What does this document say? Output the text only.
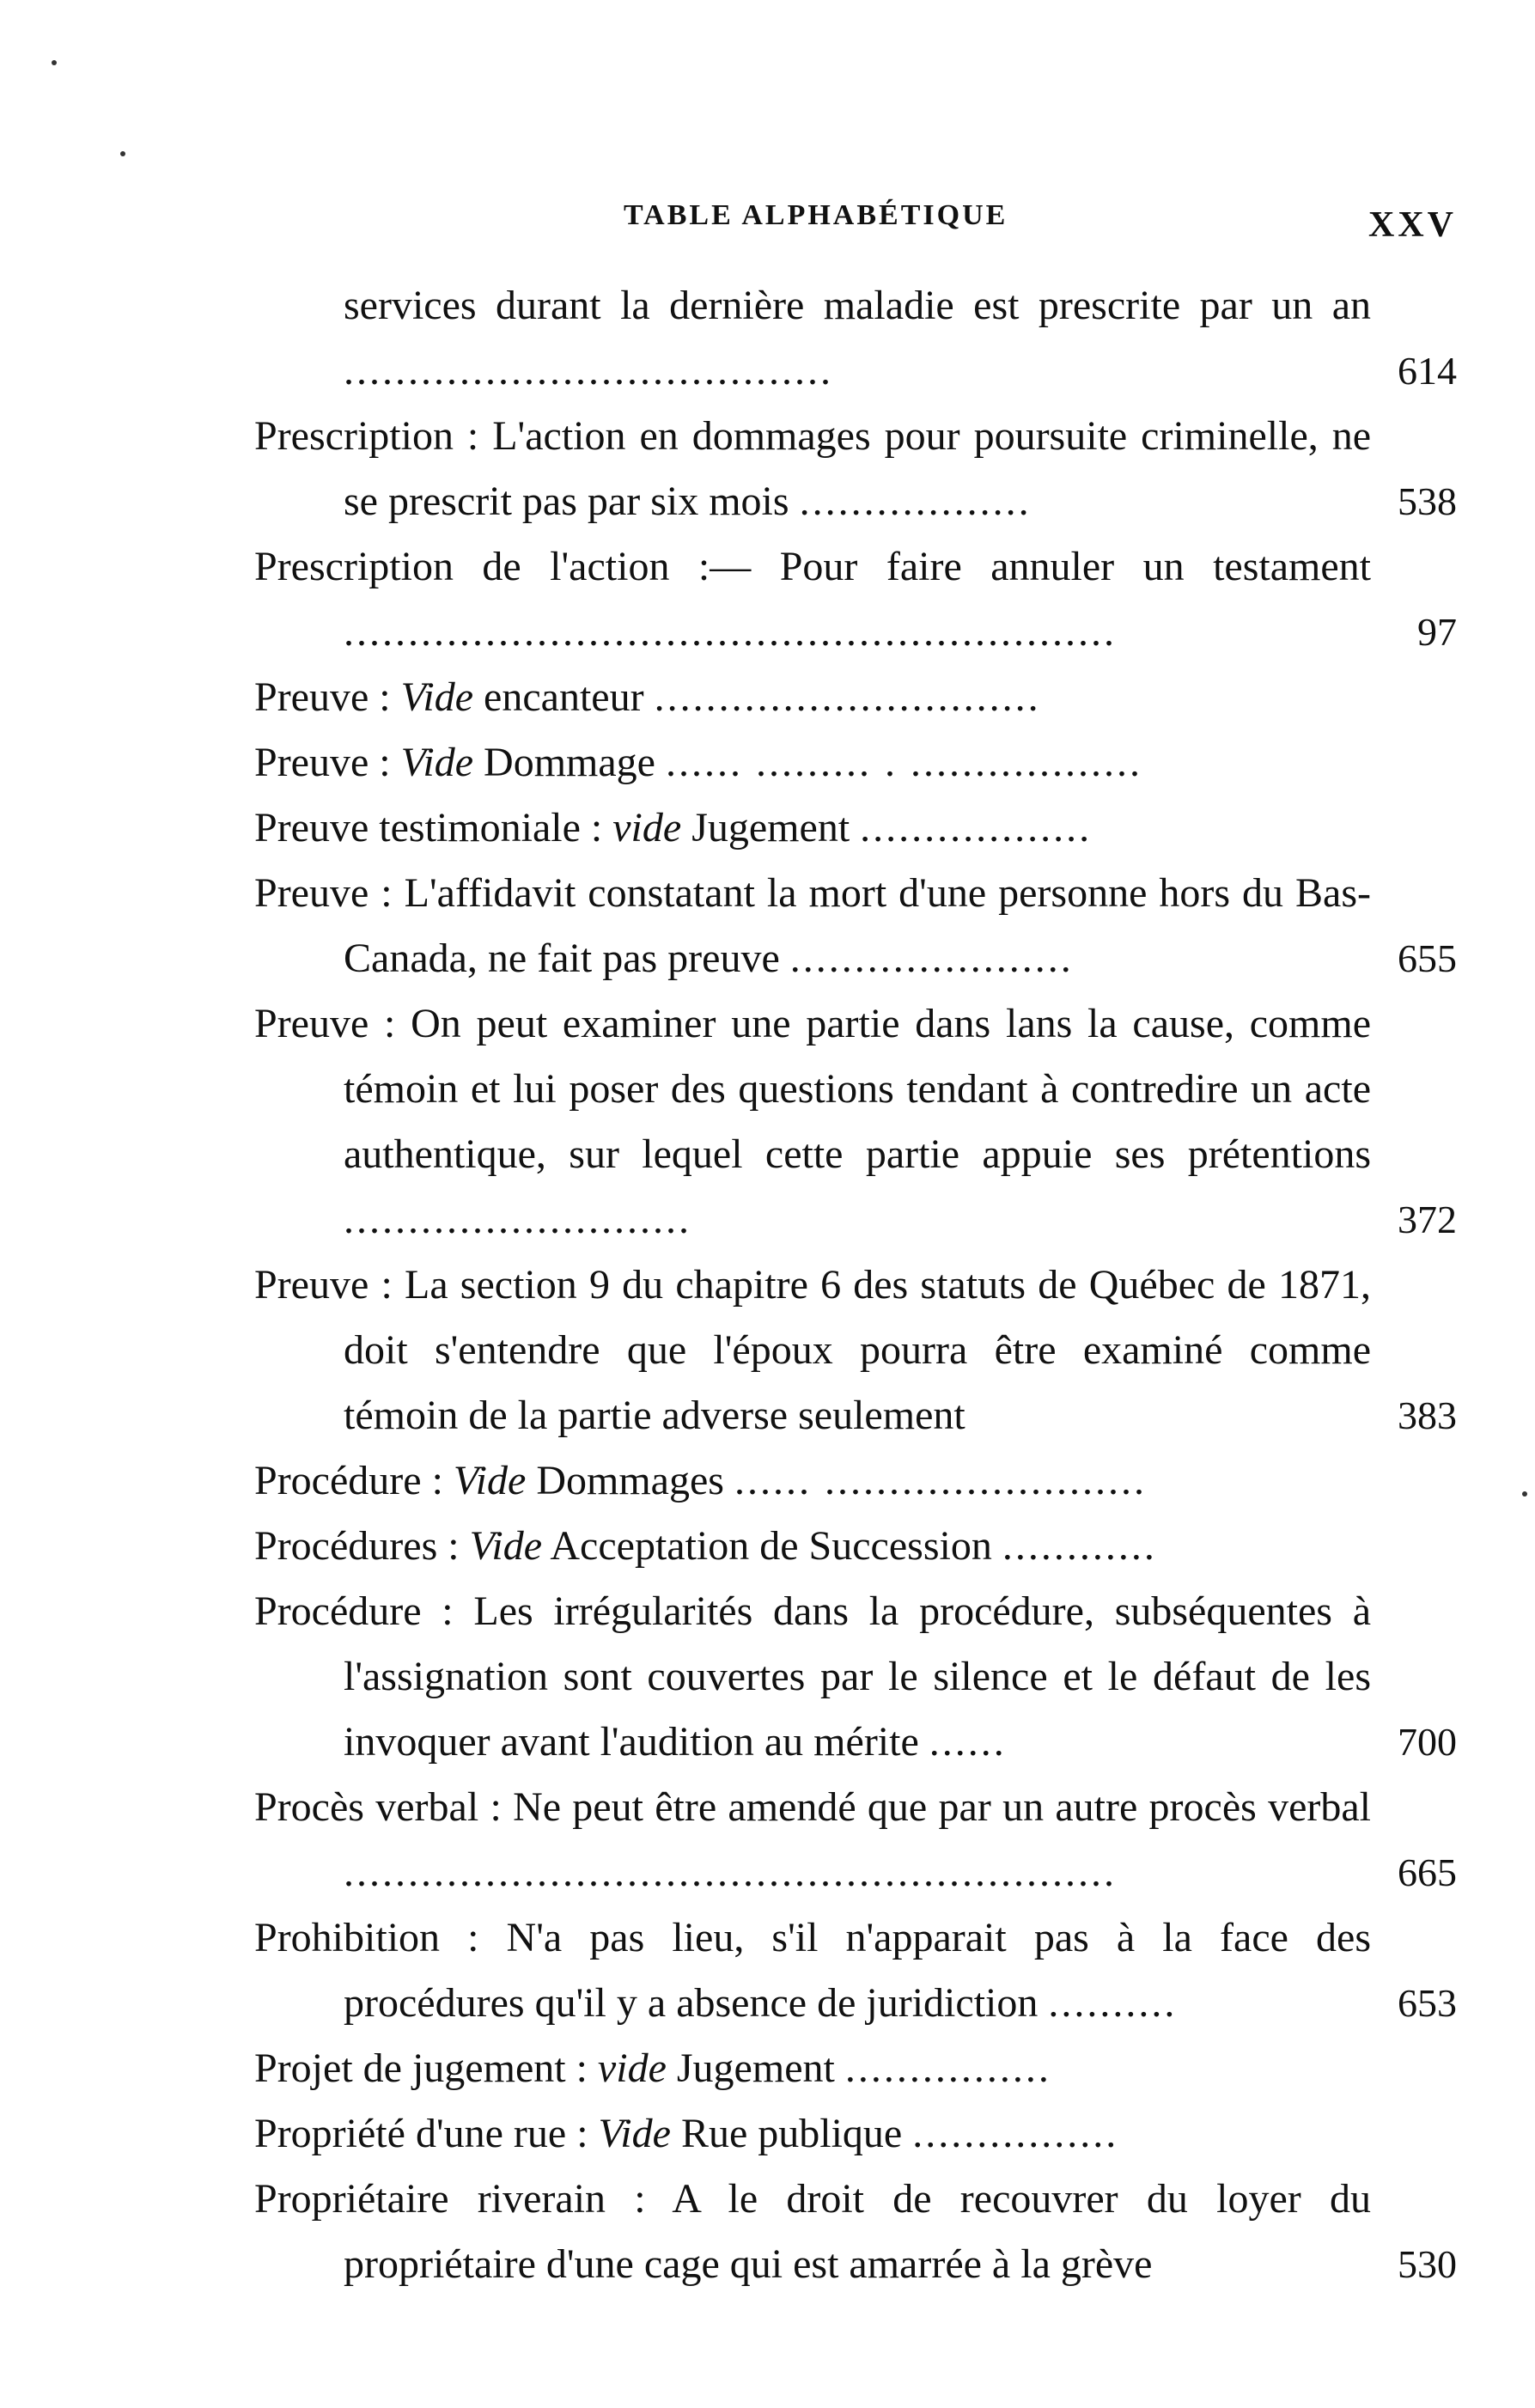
TABLE ALPHABÉTIQUE	XXV

services durant la dernière maladie est prescrite par un an ......................................	614

Prescription : L'action en dommages pour poursuite criminelle, ne se prescrit pas par six mois ..................	538

Prescription de l'action :— Pour faire annuler un testament ............................................................	97

Preuve : Vide encanteur ..............................

Preuve : Vide Dommage ...... ......... . ..................

Preuve testimoniale : vide Jugement ..................

Preuve : L'affidavit constatant la mort d'une personne hors du Bas-Canada, ne fait pas preuve ......................	655

Preuve : On peut examiner une partie dans lans la cause, comme témoin et lui poser des questions tendant à contredire un acte authentique, sur lequel cette partie appuie ses prétentions ...........................	372

Preuve : La section 9 du chapitre 6 des statuts de Québec de 1871, doit s'entendre que l'époux pourra être examiné comme témoin de la partie adverse seulement	383

Procédure : Vide Dommages ...... .........................

Procédures : Vide Acceptation de Succession ............

Procédure : Les irrégularités dans la procédure, subséquentes à l'assignation sont couvertes par le silence et le défaut de les invoquer avant l'audition au mérite ......	700

Procès verbal : Ne peut être amendé que par un autre procès verbal ............................................................	665

Prohibition : N'a pas lieu, s'il n'apparait pas à la face des procédures qu'il y a absence de juridiction ..........	653

Projet de jugement : vide Jugement ................

Propriété d'une rue : Vide Rue publique ................

Propriétaire riverain : A le droit de recouvrer du loyer du propriétaire d'une cage qui est amarrée à la grève	530
